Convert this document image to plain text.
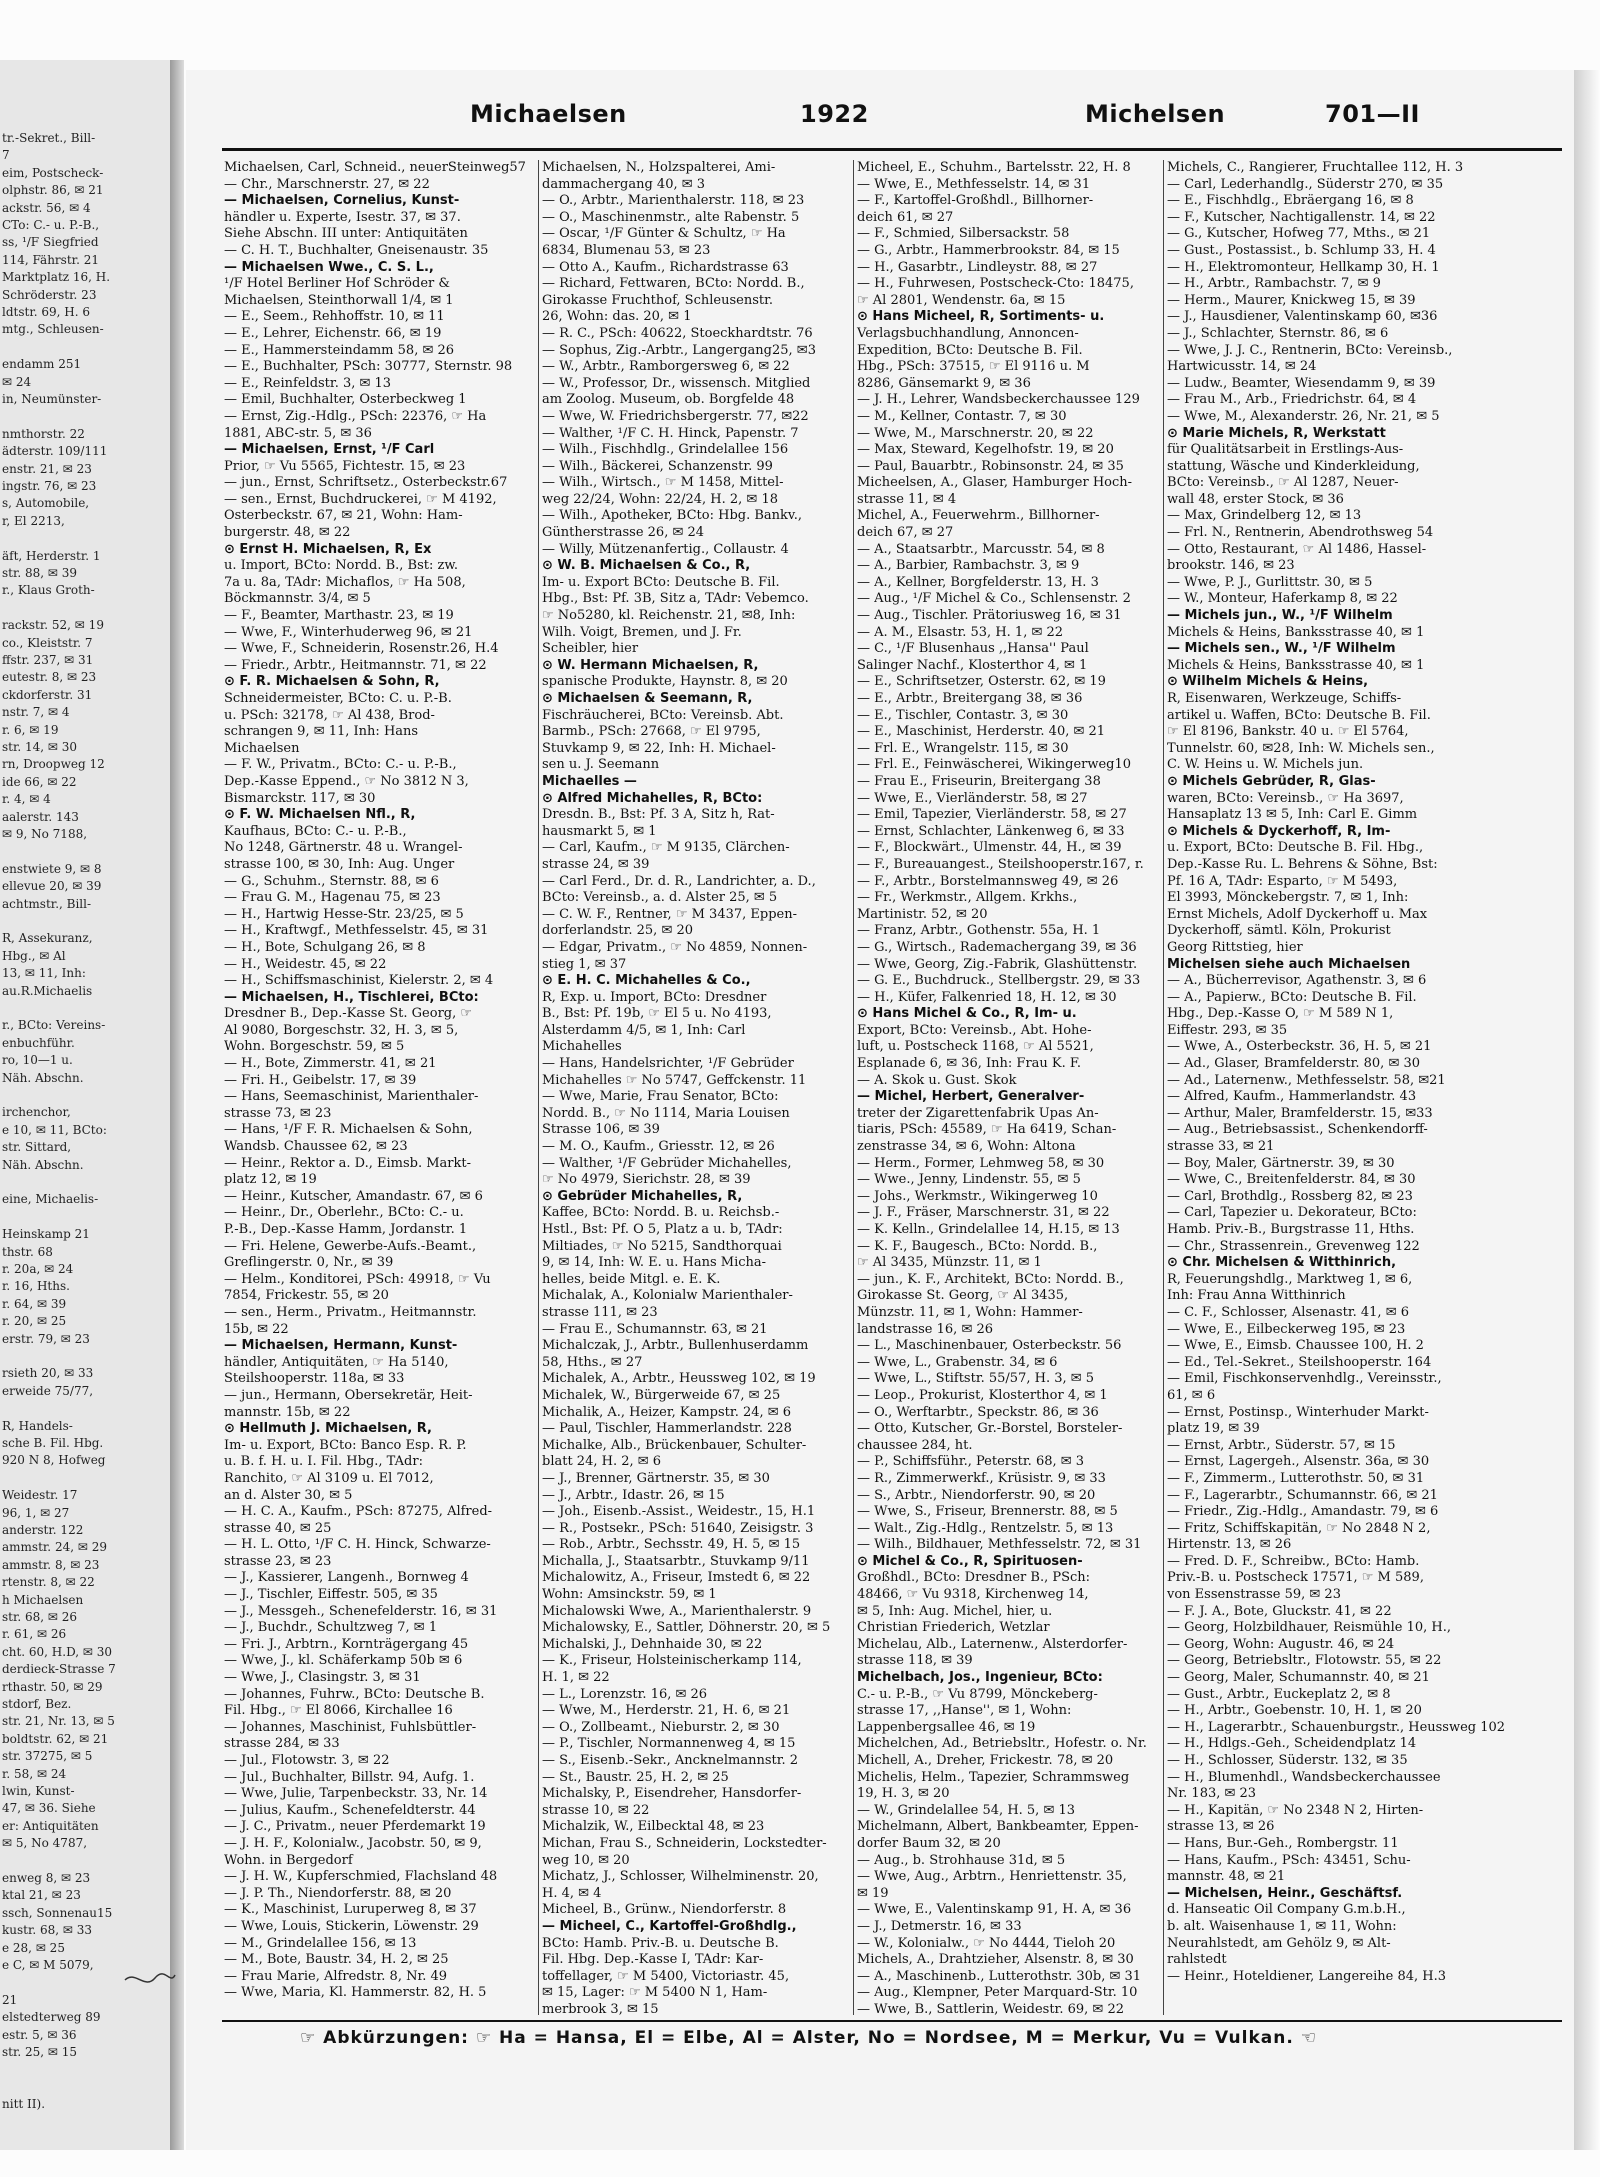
Michaelsen	1922	Michelsen	701—II
Michaelsen, Carl, Schneid., neuerSteinweg57
— Chr., Marschnerstr. 27, ✉ 22
— Michaelsen, Cornelius, Kunst-
händler u. Experte, Isestr. 37, ✉ 37.
Siehe Abschn. III unter: Antiquitäten
— C. H. T., Buchhalter, Gneisenaustr. 35
— Michaelsen Wwe., C. S. L.,
¹/F Hotel Berliner Hof Schröder &
Michaelsen, Steinthorwall 1/4, ✉ 1
— E., Seem., Rehhoffstr. 10, ✉ 11
— E., Lehrer, Eichenstr. 66, ✉ 19
— E., Hammersteindamm 58, ✉ 26
— E., Buchhalter, PSch: 30777, Sternstr. 98
— E., Reinfeldstr. 3, ✉ 13
— Emil, Buchhalter, Osterbeckweg 1
— Ernst, Zig.-Hdlg., PSch: 22376, ☞ Ha
1881, ABC-str. 5, ✉ 36
— Michaelsen, Ernst, ¹/F Carl
Prior, ☞ Vu 5565, Fichtestr. 15, ✉ 23
— jun., Ernst, Schriftsetz., Osterbeckstr.67
— sen., Ernst, Buchdruckerei, ☞ M 4192,
Osterbeckstr. 67, ✉ 21, Wohn: Ham-
burgerstr. 48, ✉ 22
⊙ Ernst H. Michaelsen, R, Ex
u. Import, BCto: Nordd. B., Bst: zw.
7a u. 8a, TAdr: Michaflos, ☞ Ha 508,
Böckmannstr. 3/4, ✉ 5
— F., Beamter, Marthastr. 23, ✉ 19
— Wwe, F., Winterhuderweg 96, ✉ 21
— Wwe, F., Schneiderin, Rosenstr.26, H.4
— Friedr., Arbtr., Heitmannstr. 71, ✉ 22
⊙ F. R. Michaelsen & Sohn, R,
Schneidermeister, BCto: C. u. P.-B.
u. PSch: 32178, ☞ Al 438, Brod-
schrangen 9, ✉ 11, Inh: Hans
Michaelsen
— F. W., Privatm., BCto: C.- u. P.-B.,
Dep.-Kasse Eppend., ☞ No 3812 N 3,
Bismarckstr. 117, ✉ 30
⊙ F. W. Michaelsen Nfl., R,
Kaufhaus, BCto: C.- u. P.-B.,
No 1248, Gärtnerstr. 48 u. Wrangel-
strasse 100, ✉ 30, Inh: Aug. Unger
— G., Schuhm., Sternstr. 88, ✉ 6
— Frau G. M., Hagenau 75, ✉ 23
— H., Hartwig Hesse-Str. 23/25, ✉ 5
— H., Kraftwgf., Methfesselstr. 45, ✉ 31
— H., Bote, Schulgang 26, ✉ 8
— H., Weidestr. 45, ✉ 22
— H., Schiffsmaschinist, Kielerstr. 2, ✉ 4
— Michaelsen, H., Tischlerei, BCto:
Dresdner B., Dep.-Kasse St. Georg, ☞
Al 9080, Borgeschstr. 32, H. 3, ✉ 5,
Wohn. Borgeschstr. 59, ✉ 5
— H., Bote, Zimmerstr. 41, ✉ 21
— Fri. H., Geibelstr. 17, ✉ 39
— Hans, Seemaschinist, Marienthaler-
strasse 73, ✉ 23
— Hans, ¹/F F. R. Michaelsen & Sohn,
Wandsb. Chaussee 62, ✉ 23
— Heinr., Rektor a. D., Eimsb. Markt-
platz 12, ✉ 19
— Heinr., Kutscher, Amandastr. 67, ✉ 6
— Heinr., Dr., Oberlehr., BCto: C.- u.
P.-B., Dep.-Kasse Hamm, Jordanstr. 1
— Fri. Helene, Gewerbe-Aufs.-Beamt.,
Greflingerstr. 0, Nr., ✉ 39
— Helm., Konditorei, PSch: 49918, ☞ Vu
7854, Frickestr. 55, ✉ 20
— sen., Herm., Privatm., Heitmannstr.
15b, ✉ 22
— Michaelsen, Hermann, Kunst-
händler, Antiquitäten, ☞ Ha 5140,
Steilshooperstr. 118a, ✉ 33
— jun., Hermann, Obersekretär, Heit-
mannstr. 15b, ✉ 22
⊙ Hellmuth J. Michaelsen, R,
Im- u. Export, BCto: Banco Esp. R. P.
u. B. f. H. u. I. Fil. Hbg., TAdr:
Ranchito, ☞ Al 3109 u. El 7012,
an d. Alster 30, ✉ 5
— H. C. A., Kaufm., PSch: 87275, Alfred-
strasse 40, ✉ 25
— H. L. Otto, ¹/F C. H. Hinck, Schwarze-
strasse 23, ✉ 23
— J., Kassierer, Langenh., Bornweg 4
— J., Tischler, Eiffestr. 505, ✉ 35
— J., Messgeh., Schenefelderstr. 16, ✉ 31
— J., Buchdr., Schultzweg 7, ✉ 1
— Fri. J., Arbtrn., Kornträgergang 45
— Wwe, J., kl. Schäferkamp 50b ✉ 6
— Wwe, J., Clasingstr. 3, ✉ 31
— Johannes, Fuhrw., BCto: Deutsche B.
Fil. Hbg., ☞ El 8066, Kirchallee 16
— Johannes, Maschinist, Fuhlsbüttler-
strasse 284, ✉ 33
— Jul., Flotowstr. 3, ✉ 22
— Jul., Buchhalter, Billstr. 94, Aufg. 1.
— Wwe, Julie, Tarpenbeckstr. 33, Nr. 14
— Julius, Kaufm., Schenefeldterstr. 44
— J. C., Privatm., neuer Pferdemarkt 19
— J. H. F., Kolonialw., Jacobstr. 50, ✉ 9,
Wohn. in Bergedorf
— J. H. W., Kupferschmied, Flachsland 48
— J. P. Th., Niendorferstr. 88, ✉ 20
— K., Maschinist, Luruperweg 8, ✉ 37
— Wwe, Louis, Stickerin, Löwenstr. 29
— M., Grindelallee 156, ✉ 13
— M., Bote, Baustr. 34, H. 2, ✉ 25
— Frau Marie, Alfredstr. 8, Nr. 49
— Wwe, Maria, Kl. Hammerstr. 82, H. 5
Michaelsen, N., Holzspalterei, Ami-
dammachergang 40, ✉ 3
— O., Arbtr., Marienthalerstr. 118, ✉ 23
— O., Maschinenmstr., alte Rabenstr. 5
— Oscar, ¹/F Günter & Schultz, ☞ Ha
6834, Blumenau 53, ✉ 23
— Otto A., Kaufm., Richardstrasse 63
— Richard, Fettwaren, BCto: Nordd. B.,
Girokasse Fruchthof, Schleusenstr.
26, Wohn: das. 20, ✉ 1
— R. C., PSch: 40622, Stoeckhardtstr. 76
— Sophus, Zig.-Arbtr., Langergang25, ✉3
— W., Arbtr., Ramborgersweg 6, ✉ 22
— W., Professor, Dr., wissensch. Mitglied
am Zoolog. Museum, ob. Borgfelde 48
— Wwe, W. Friedrichsbergerstr. 77, ✉22
— Walther, ¹/F C. H. Hinck, Papenstr. 7
— Wilh., Fischhdlg., Grindelallee 156
— Wilh., Bäckerei, Schanzenstr. 99
— Wilh., Wirtsch., ☞ M 1458, Mittel-
weg 22/24, Wohn: 22/24, H. 2, ✉ 18
— Wilh., Apotheker, BCto: Hbg. Bankv.,
Güntherstrasse 26, ✉ 24
— Willy, Mützenanfertig., Collaustr. 4
⊙ W. B. Michaelsen & Co., R,
Im- u. Export BCto: Deutsche B. Fil.
Hbg., Bst: Pf. 3B, Sitz a, TAdr: Vebemco.
☞ No5280, kl. Reichenstr. 21, ✉8, Inh:
Wilh. Voigt, Bremen, und J. Fr.
Scheibler, hier
⊙ W. Hermann Michaelsen, R,
spanische Produkte, Haynstr. 8, ✉ 20
⊙ Michaelsen & Seemann, R,
Fischräucherei, BCto: Vereinsb. Abt.
Barmb., PSch: 27668, ☞ El 9795,
Stuvkamp 9, ✉ 22, Inh: H. Michael-
sen u. J. Seemann
Michaelles —
⊙ Alfred Michahelles, R, BCto:
Dresdn. B., Bst: Pf. 3 A, Sitz h, Rat-
hausmarkt 5, ✉ 1
— Carl, Kaufm., ☞ M 9135, Clärchen-
strasse 24, ✉ 39
— Carl Ferd., Dr. d. R., Landrichter, a. D.,
BCto: Vereinsb., a. d. Alster 25, ✉ 5
— C. W. F., Rentner, ☞ M 3437, Eppen-
dorferlandstr. 25, ✉ 20
— Edgar, Privatm., ☞ No 4859, Nonnen-
stieg 1, ✉ 37
⊙ E. H. C. Michahelles & Co.,
R, Exp. u. Import, BCto: Dresdner
B., Bst: Pf. 19b, ☞ El 5 u. No 4193,
Alsterdamm 4/5, ✉ 1, Inh: Carl
Michahelles
— Hans, Handelsrichter, ¹/F Gebrüder
Michahelles ☞ No 5747, Geffckenstr. 11
— Wwe, Marie, Frau Senator, BCto:
Nordd. B., ☞ No 1114, Maria Louisen
Strasse 106, ✉ 39
— M. O., Kaufm., Griesstr. 12, ✉ 26
— Walther, ¹/F Gebrüder Michahelles,
☞ No 4979, Sierichstr. 28, ✉ 39
⊙ Gebrüder Michahelles, R,
Kaffee, BCto: Nordd. B. u. Reichsb.-
Hstl., Bst: Pf. O 5, Platz a u. b, TAdr:
Miltiades, ☞ No 5215, Sandthorquai
9, ✉ 14, Inh: W. E. u. Hans Micha-
helles, beide Mitgl. e. E. K.
Michalak, A., Kolonialw Marienthaler-
strasse 111, ✉ 23
— Frau E., Schumannstr. 63, ✉ 21
Michalczak, J., Arbtr., Bullenhuserdamm
58, Hths., ✉ 27
Michalek, A., Arbtr., Heussweg 102, ✉ 19
Michalek, W., Bürgerweide 67, ✉ 25
Michalik, A., Heizer, Kampstr. 24, ✉ 6
— Paul, Tischler, Hammerlandstr. 228
Michalke, Alb., Brückenbauer, Schulter-
blatt 24, H. 2, ✉ 6
— J., Brenner, Gärtnerstr. 35, ✉ 30
— J., Arbtr., Idastr. 26, ✉ 15
— Joh., Eisenb.-Assist., Weidestr., 15, H.1
— R., Postsekr., PSch: 51640, Zeisigstr. 3
— Rob., Arbtr., Sechsstr. 49, H. 5, ✉ 15
Michalla, J., Staatsarbtr., Stuvkamp 9/11
Michalowitz, A., Friseur, Imstedt 6, ✉ 22
Wohn: Amsinckstr. 59, ✉ 1
Michalowski Wwe, A., Marienthalerstr. 9
Michalowsky, E., Sattler, Döhnerstr. 20, ✉ 5
Michalski, J., Dehnhaide 30, ✉ 22
— K., Friseur, Holsteinischerkamp 114,
H. 1, ✉ 22
— L., Lorenzstr. 16, ✉ 26
— Wwe, M., Herderstr. 21, H. 6, ✉ 21
— O., Zollbeamt., Nieburstr. 2, ✉ 30
— P., Tischler, Normannenweg 4, ✉ 15
— S., Eisenb.-Sekr., Ancknelmannstr. 2
— St., Baustr. 25, H. 2, ✉ 25
Michalsky, P., Eisendreher, Hansdorfer-
strasse 10, ✉ 22
Michalzik, W., Eilbecktal 48, ✉ 23
Michan, Frau S., Schneiderin, Lockstedter-
weg 10, ✉ 20
Michatz, J., Schlosser, Wilhelminenstr. 20,
H. 4, ✉ 4
Micheel, B., Grünw., Niendorferstr. 8
— Micheel, C., Kartoffel-Großhdlg.,
BCto: Hamb. Priv.-B. u. Deutsche B.
Fil. Hbg. Dep.-Kasse I, TAdr: Kar-
toffellager, ☞ M 5400, Victoriastr. 45,
✉ 15, Lager: ☞ M 5400 N 1, Ham-
merbrook 3, ✉ 15
Micheel, E., Schuhm., Bartelsstr. 22, H. 8
— Wwe, E., Methfesselstr. 14, ✉ 31
— F., Kartoffel-Großhdl., Billhorner-
deich 61, ✉ 27
— F., Schmied, Silbersackstr. 58
— G., Arbtr., Hammerbrookstr. 84, ✉ 15
— H., Gasarbtr., Lindleystr. 88, ✉ 27
— H., Fuhrwesen, Postscheck-Cto: 18475,
☞ Al 2801, Wendenstr. 6a, ✉ 15
⊙ Hans Micheel, R, Sortiments- u.
Verlagsbuchhandlung, Annoncen-
Expedition, BCto: Deutsche B. Fil.
Hbg., PSch: 37515, ☞ El 9116 u. M
8286, Gänsemarkt 9, ✉ 36
— J. H., Lehrer, Wandsbeckerchaussee 129
— M., Kellner, Contastr. 7, ✉ 30
— Wwe, M., Marschnerstr. 20, ✉ 22
— Max, Steward, Kegelhofstr. 19, ✉ 20
— Paul, Bauarbtr., Robinsonstr. 24, ✉ 35
Micheelsen, A., Glaser, Hamburger Hoch-
strasse 11, ✉ 4
Michel, A., Feuerwehrm., Billhorner-
deich 67, ✉ 27
— A., Staatsarbtr., Marcusstr. 54, ✉ 8
— A., Barbier, Rambachstr. 3, ✉ 9
— A., Kellner, Borgfelderstr. 13, H. 3
— Aug., ¹/F Michel & Co., Schlensenstr. 2
— Aug., Tischler. Prätoriusweg 16, ✉ 31
— A. M., Elsastr. 53, H. 1, ✉ 22
— C., ¹/F Blusenhaus ,,Hansa'' Paul
Salinger Nachf., Klosterthor 4, ✉ 1
— E., Schriftsetzer, Osterstr. 62, ✉ 19
— E., Arbtr., Breitergang 38, ✉ 36
— E., Tischler, Contastr. 3, ✉ 30
— E., Maschinist, Herderstr. 40, ✉ 21
— Frl. E., Wrangelstr. 115, ✉ 30
— Frl. E., Feinwäscherei, Wikingerweg10
— Frau E., Friseurin, Breitergang 38
— Wwe, E., Vierländerstr. 58, ✉ 27
— Emil, Tapezier, Vierländerstr. 58, ✉ 27
— Ernst, Schlachter, Länkenweg 6, ✉ 33
— F., Blockwärt., Ulmenstr. 44, H., ✉ 39
— F., Bureauangest., Steilshooperstr.167, r.
— F., Arbtr., Borstelmannsweg 49, ✉ 26
— Fr., Werkmstr., Allgem. Krkhs.,
Martinistr. 52, ✉ 20
— Franz, Arbtr., Gothenstr. 55a, H. 1
— G., Wirtsch., Rademachergang 39, ✉ 36
— Wwe, Georg, Zig.-Fabrik, Glashüttenstr.
— G. E., Buchdruck., Stellbergstr. 29, ✉ 33
— H., Küfer, Falkenried 18, H. 12, ✉ 30
⊙ Hans Michel & Co., R, Im- u.
Export, BCto: Vereinsb., Abt. Hohe-
luft, u. Postscheck 1168, ☞ Al 5521,
Esplanade 6, ✉ 36, Inh: Frau K. F.
— A. Skok u. Gust. Skok
— Michel, Herbert, Generalver-
treter der Zigarettenfabrik Upas An-
tiaris, PSch: 45589, ☞ Ha 6419, Schan-
zenstrasse 34, ✉ 6, Wohn: Altona
— Herm., Former, Lehmweg 58, ✉ 30
— Wwe., Jenny, Lindenstr. 55, ✉ 5
— Johs., Werkmstr., Wikingerweg 10
— J. F., Fräser, Marschnerstr. 31, ✉ 22
— K. Kelln., Grindelallee 14, H.15, ✉ 13
— K. F., Baugesch., BCto: Nordd. B.,
☞ Al 3435, Münzstr. 11, ✉ 1
— jun., K. F., Architekt, BCto: Nordd. B.,
Girokasse St. Georg, ☞ Al 3435,
Münzstr. 11, ✉ 1, Wohn: Hammer-
landstrasse 16, ✉ 26
— L., Maschinenbauer, Osterbeckstr. 56
— Wwe, L., Grabenstr. 34, ✉ 6
— Wwe, L., Stiftstr. 55/57, H. 3, ✉ 5
— Leop., Prokurist, Klosterthor 4, ✉ 1
— O., Werftarbtr., Speckstr. 86, ✉ 36
— Otto, Kutscher, Gr.-Borstel, Borsteler-
chaussee 284, ht.
— P., Schiffsführ., Peterstr. 68, ✉ 3
— R., Zimmerwerkf., Krüsistr. 9, ✉ 33
— S., Arbtr., Niendorferstr. 90, ✉ 20
— Wwe, S., Friseur, Brennerstr. 88, ✉ 5
— Walt., Zig.-Hdlg., Rentzelstr. 5, ✉ 13
— Wilh., Bildhauer, Methfesselstr. 72, ✉ 31
⊙ Michel & Co., R, Spirituosen-
Großhdl., BCto: Dresdner B., PSch:
48466, ☞ Vu 9318, Kirchenweg 14,
✉ 5, Inh: Aug. Michel, hier, u.
Christian Friederich, Wetzlar
Michelau, Alb., Laternenw., Alsterdorfer-
strasse 118, ✉ 39
Michelbach, Jos., Ingenieur, BCto:
C.- u. P.-B., ☞ Vu 8799, Mönckeberg-
strasse 17, ,,Hanse'', ✉ 1, Wohn:
Lappenbergsallee 46, ✉ 19
Michelchen, Ad., Betriebsltr., Hofestr. o. Nr.
Michell, A., Dreher, Frickestr. 78, ✉ 20
Michelis, Helm., Tapezier, Schrammsweg
19, H. 3, ✉ 20
— W., Grindelallee 54, H. 5, ✉ 13
Michelmann, Albert, Bankbeamter, Eppen-
dorfer Baum 32, ✉ 20
— Aug., b. Strohhause 31d, ✉ 5
— Wwe, Aug., Arbtrn., Henriettenstr. 35,
✉ 19
— Wwe, E., Valentinskamp 91, H. A, ✉ 36
— J., Detmerstr. 16, ✉ 33
— W., Kolonialw., ☞ No 4444, Tieloh 20
Michels, A., Drahtzieher, Alsenstr. 8, ✉ 30
— A., Maschinenb., Lutterothstr. 30b, ✉ 31
— Aug., Klempner, Peter Marquard-Str. 10
— Wwe, B., Sattlerin, Weidestr. 69, ✉ 22
Michels, C., Rangierer, Fruchtallee 112, H. 3
— Carl, Lederhandlg., Süderstr 270, ✉ 35
— E., Fischhdlg., Ebräergang 16, ✉ 8
— F., Kutscher, Nachtigallenstr. 14, ✉ 22
— G., Kutscher, Hofweg 77, Mths., ✉ 21
— Gust., Postassist., b. Schlump 33, H. 4
— H., Elektromonteur, Hellkamp 30, H. 1
— H., Arbtr., Rambachstr. 7, ✉ 9
— Herm., Maurer, Knickweg 15, ✉ 39
— J., Hausdiener, Valentinskamp 60, ✉36
— J., Schlachter, Sternstr. 86, ✉ 6
— Wwe, J. J. C., Rentnerin, BCto: Vereinsb.,
Hartwicusstr. 14, ✉ 24
— Ludw., Beamter, Wiesendamm 9, ✉ 39
— Frau M., Arb., Friedrichstr. 64, ✉ 4
— Wwe, M., Alexanderstr. 26, Nr. 21, ✉ 5
⊙ Marie Michels, R, Werkstatt
für Qualitätsarbeit in Erstlings-Aus-
stattung, Wäsche und Kinderkleidung,
BCto: Vereinsb., ☞ Al 1287, Neuer-
wall 48, erster Stock, ✉ 36
— Max, Grindelberg 12, ✉ 13
— Frl. N., Rentnerin, Abendrothsweg 54
— Otto, Restaurant, ☞ Al 1486, Hassel-
brookstr. 146, ✉ 23
— Wwe, P. J., Gurlittstr. 30, ✉ 5
— W., Monteur, Haferkamp 8, ✉ 22
— Michels jun., W., ¹/F Wilhelm
Michels & Heins, Banksstrasse 40, ✉ 1
— Michels sen., W., ¹/F Wilhelm
Michels & Heins, Banksstrasse 40, ✉ 1
⊙ Wilhelm Michels & Heins,
R, Eisenwaren, Werkzeuge, Schiffs-
artikel u. Waffen, BCto: Deutsche B. Fil.
☞ El 8196, Bankstr. 40 u. ☞ El 5764,
Tunnelstr. 60, ✉28, Inh: W. Michels sen.,
C. W. Heins u. W. Michels jun.
⊙ Michels Gebrüder, R, Glas-
waren, BCto: Vereinsb., ☞ Ha 3697,
Hansaplatz 13 ✉ 5, Inh: Carl E. Gimm
⊙ Michels & Dyckerhoff, R, Im-
u. Export, BCto: Deutsche B. Fil. Hbg.,
Dep.-Kasse Ru. L. Behrens & Söhne, Bst:
Pf. 16 A, TAdr: Esparto, ☞ M 5493,
El 3993, Mönckebergstr. 7, ✉ 1, Inh:
Ernst Michels, Adolf Dyckerhoff u. Max
Dyckerhoff, sämtl. Köln, Prokurist
Georg Rittstieg, hier
Michelsen siehe auch Michaelsen
— A., Bücherrevisor, Agathenstr. 3, ✉ 6
— A., Papierw., BCto: Deutsche B. Fil.
Hbg., Dep.-Kasse O, ☞ M 589 N 1,
Eiffestr. 293, ✉ 35
— Wwe, A., Osterbeckstr. 36, H. 5, ✉ 21
— Ad., Glaser, Bramfelderstr. 80, ✉ 30
— Ad., Laternenw., Methfesselstr. 58, ✉21
— Alfred, Kaufm., Hammerlandstr. 43
— Arthur, Maler, Bramfelderstr. 15, ✉33
— Aug., Betriebsassist., Schenkendorff-
strasse 33, ✉ 21
— Boy, Maler, Gärtnerstr. 39, ✉ 30
— Wwe, C., Breitenfelderstr. 84, ✉ 30
— Carl, Brothdlg., Rossberg 82, ✉ 23
— Carl, Tapezier u. Dekorateur, BCto:
Hamb. Priv.-B., Burgstrasse 11, Hths.
— Chr., Strassenrein., Grevenweg 122
⊙ Chr. Michelsen & Witthinrich,
R, Feuerungshdlg., Marktweg 1, ✉ 6,
Inh: Frau Anna Witthinrich
— C. F., Schlosser, Alsenastr. 41, ✉ 6
— Wwe, E., Eilbeckerweg 195, ✉ 23
— Wwe, E., Eimsb. Chaussee 100, H. 2
— Ed., Tel.-Sekret., Steilshooperstr. 164
— Emil, Fischkonservenhdlg., Vereinsstr.,
61, ✉ 6
— Ernst, Postinsp., Winterhuder Markt-
platz 19, ✉ 39
— Ernst, Arbtr., Süderstr. 57, ✉ 15
— Ernst, Lagergeh., Alsenstr. 36a, ✉ 30
— F., Zimmerm., Lutterothstr. 50, ✉ 31
— F., Lagerarbtr., Schumannstr. 66, ✉ 21
— Friedr., Zig.-Hdlg., Amandastr. 79, ✉ 6
— Fritz, Schiffskapitän, ☞ No 2848 N 2,
Hirtenstr. 13, ✉ 26
— Fred. D. F., Schreibw., BCto: Hamb.
Priv.-B. u. Postscheck 17571, ☞ M 589,
von Essenstrasse 59, ✉ 23
— F. J. A., Bote, Gluckstr. 41, ✉ 22
— Georg, Holzbildhauer, Reismühle 10, H.,
— Georg, Wohn: Augustr. 46, ✉ 24
— Georg, Betriebsltr., Flotowstr. 55, ✉ 22
— Georg, Maler, Schumannstr. 40, ✉ 21
— Gust., Arbtr., Euckeplatz 2, ✉ 8
— H., Arbtr., Goebenstr. 10, H. 1, ✉ 20
— H., Lagerarbtr., Schauenburgstr., Heussweg 102
— H., Hdlgs.-Geh., Scheidendplatz 14
— H., Schlosser, Süderstr. 132, ✉ 35
— H., Blumenhdl., Wandsbeckerchaussee
Nr. 183, ✉ 23
— H., Kapitän, ☞ No 2348 N 2, Hirten-
strasse 13, ✉ 26
— Hans, Bur.-Geh., Rombergstr. 11
— Hans, Kaufm., PSch: 43451, Schu-
mannstr. 48, ✉ 21
— Michelsen, Heinr., Geschäftsf.
d. Hanseatic Oil Company G.m.b.H.,
b. alt. Waisenhause 1, ✉ 11, Wohn:
Neurahlstedt, am Gehölz 9, ✉ Alt-
rahlstedt
— Heinr., Hoteldiener, Langereihe 84, H.3
☞ Abkürzungen: ☞ Ha = Hansa, El = Elbe, Al = Alster, No = Nordsee, M = Merkur, Vu = Vulkan. ☜
tr.-Sekret., Bill-
7
eim, Postscheck-
olphstr. 86, ✉ 21
ackstr. 56, ✉ 4
CTo: C.- u. P.-B.,
ss, ¹/F Siegfried
114, Fährstr. 21
Marktplatz 16, H.
Schröderstr. 23
ldtstr. 69, H. 6
mtg., Schleusen-
endamm 251
✉ 24
in, Neumünster-
nmthorstr. 22
ädterstr. 109/111
enstr. 21, ✉ 23
ingstr. 76, ✉ 23
s, Automobile,
r, El 2213,
äft, Herderstr. 1
str. 88, ✉ 39
r., Klaus Groth-
rackstr. 52, ✉ 19
co., Kleiststr. 7
ffstr. 237, ✉ 31
eutestr. 8, ✉ 23
ckdorferstr. 31
nstr. 7, ✉ 4
r. 6, ✉ 19
str. 14, ✉ 30
rn, Droopweg 12
ide 66, ✉ 22
r. 4, ✉ 4
aalerstr. 143
✉ 9, No 7188,
enstwiete 9, ✉ 8
ellevue 20, ✉ 39
achtmstr., Bill-
R, Assekuranz,
Hbg., ✉ Al
13, ✉ 11, Inh:
au.R.Michaelis
r., BCto: Vereins-
enbuchführ.
ro, 10—1 u.
Näh. Abschn.
irchenchor,
e 10, ✉ 11, BCto:
str. Sittard,
Näh. Abschn.
eine, Michaelis-
Heinskamp 21
thstr. 68
r. 20a, ✉ 24
r. 16, Hths.
r. 64, ✉ 39
r. 20, ✉ 25
erstr. 79, ✉ 23
rsieth 20, ✉ 33
erweide 75/77,
R, Handels-
sche B. Fil. Hbg.
920 N 8, Hofweg
Weidestr. 17
96, 1, ✉ 27
anderstr. 122
ammstr. 24, ✉ 29
ammstr. 8, ✉ 23
rtenstr. 8, ✉ 22
h Michaelsen
str. 68, ✉ 26
r. 61, ✉ 26
cht. 60, H.D, ✉ 30
derdieck-Strasse 7
rthastr. 50, ✉ 29
stdorf, Bez.
str. 21, Nr. 13, ✉ 5
boldtstr. 62, ✉ 21
str. 37275, ✉ 5
r. 58, ✉ 24
lwin, Kunst-
47, ✉ 36. Siehe
er: Antiquitäten
✉ 5, No 4787,
enweg 8, ✉ 23
ktal 21, ✉ 23
ssch, Sonnenau15
kustr. 68, ✉ 33
e 28, ✉ 25
e C, ✉ M 5079,
21
elstedterweg 89
estr. 5, ✉ 36
str. 25, ✉ 15
nitt II).
